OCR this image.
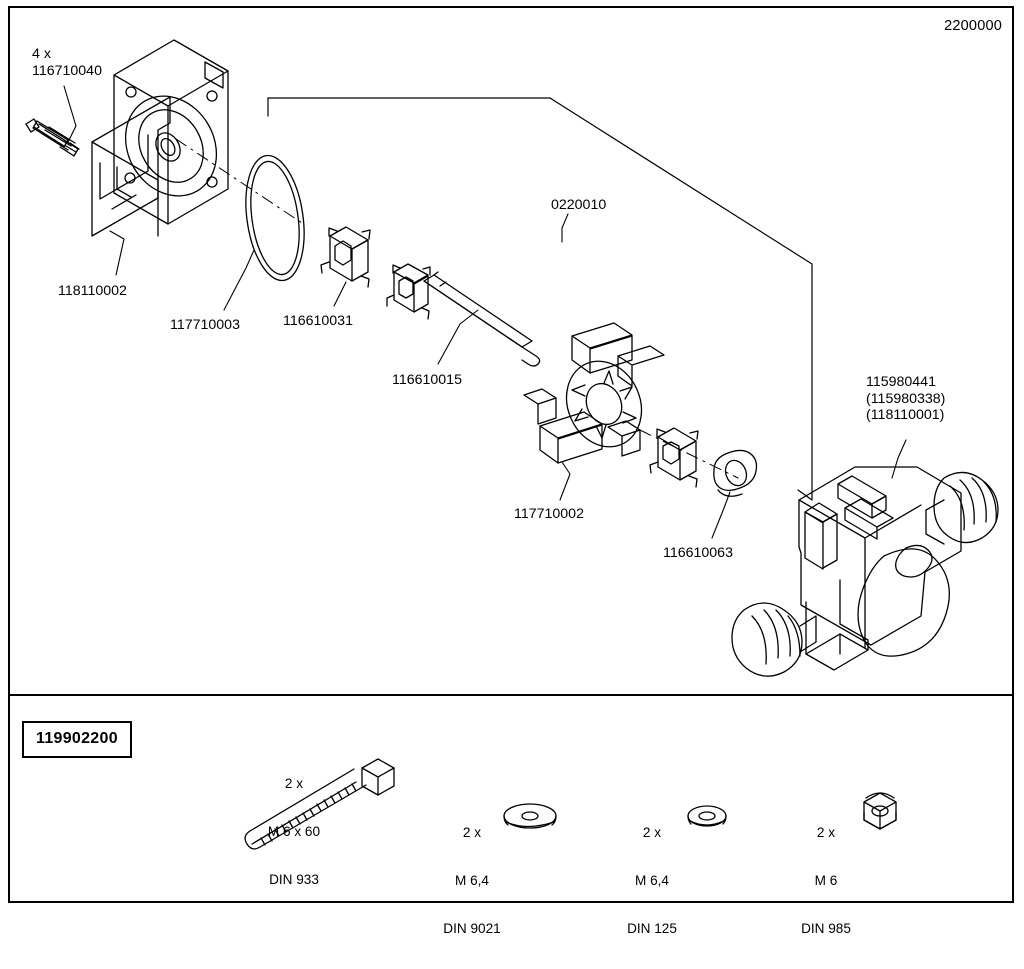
2200000
4 x
116710040
118110002
117710003	116610031
116610015
0220010
117710002
116610063
115980441
(115980338)
(118110001)
119902200

2 x

M 6 x 60

DIN 933

2 x

M 6,4

DIN 9021

2 x

M 6,4

DIN 125

2 x

M 6

DIN 985
